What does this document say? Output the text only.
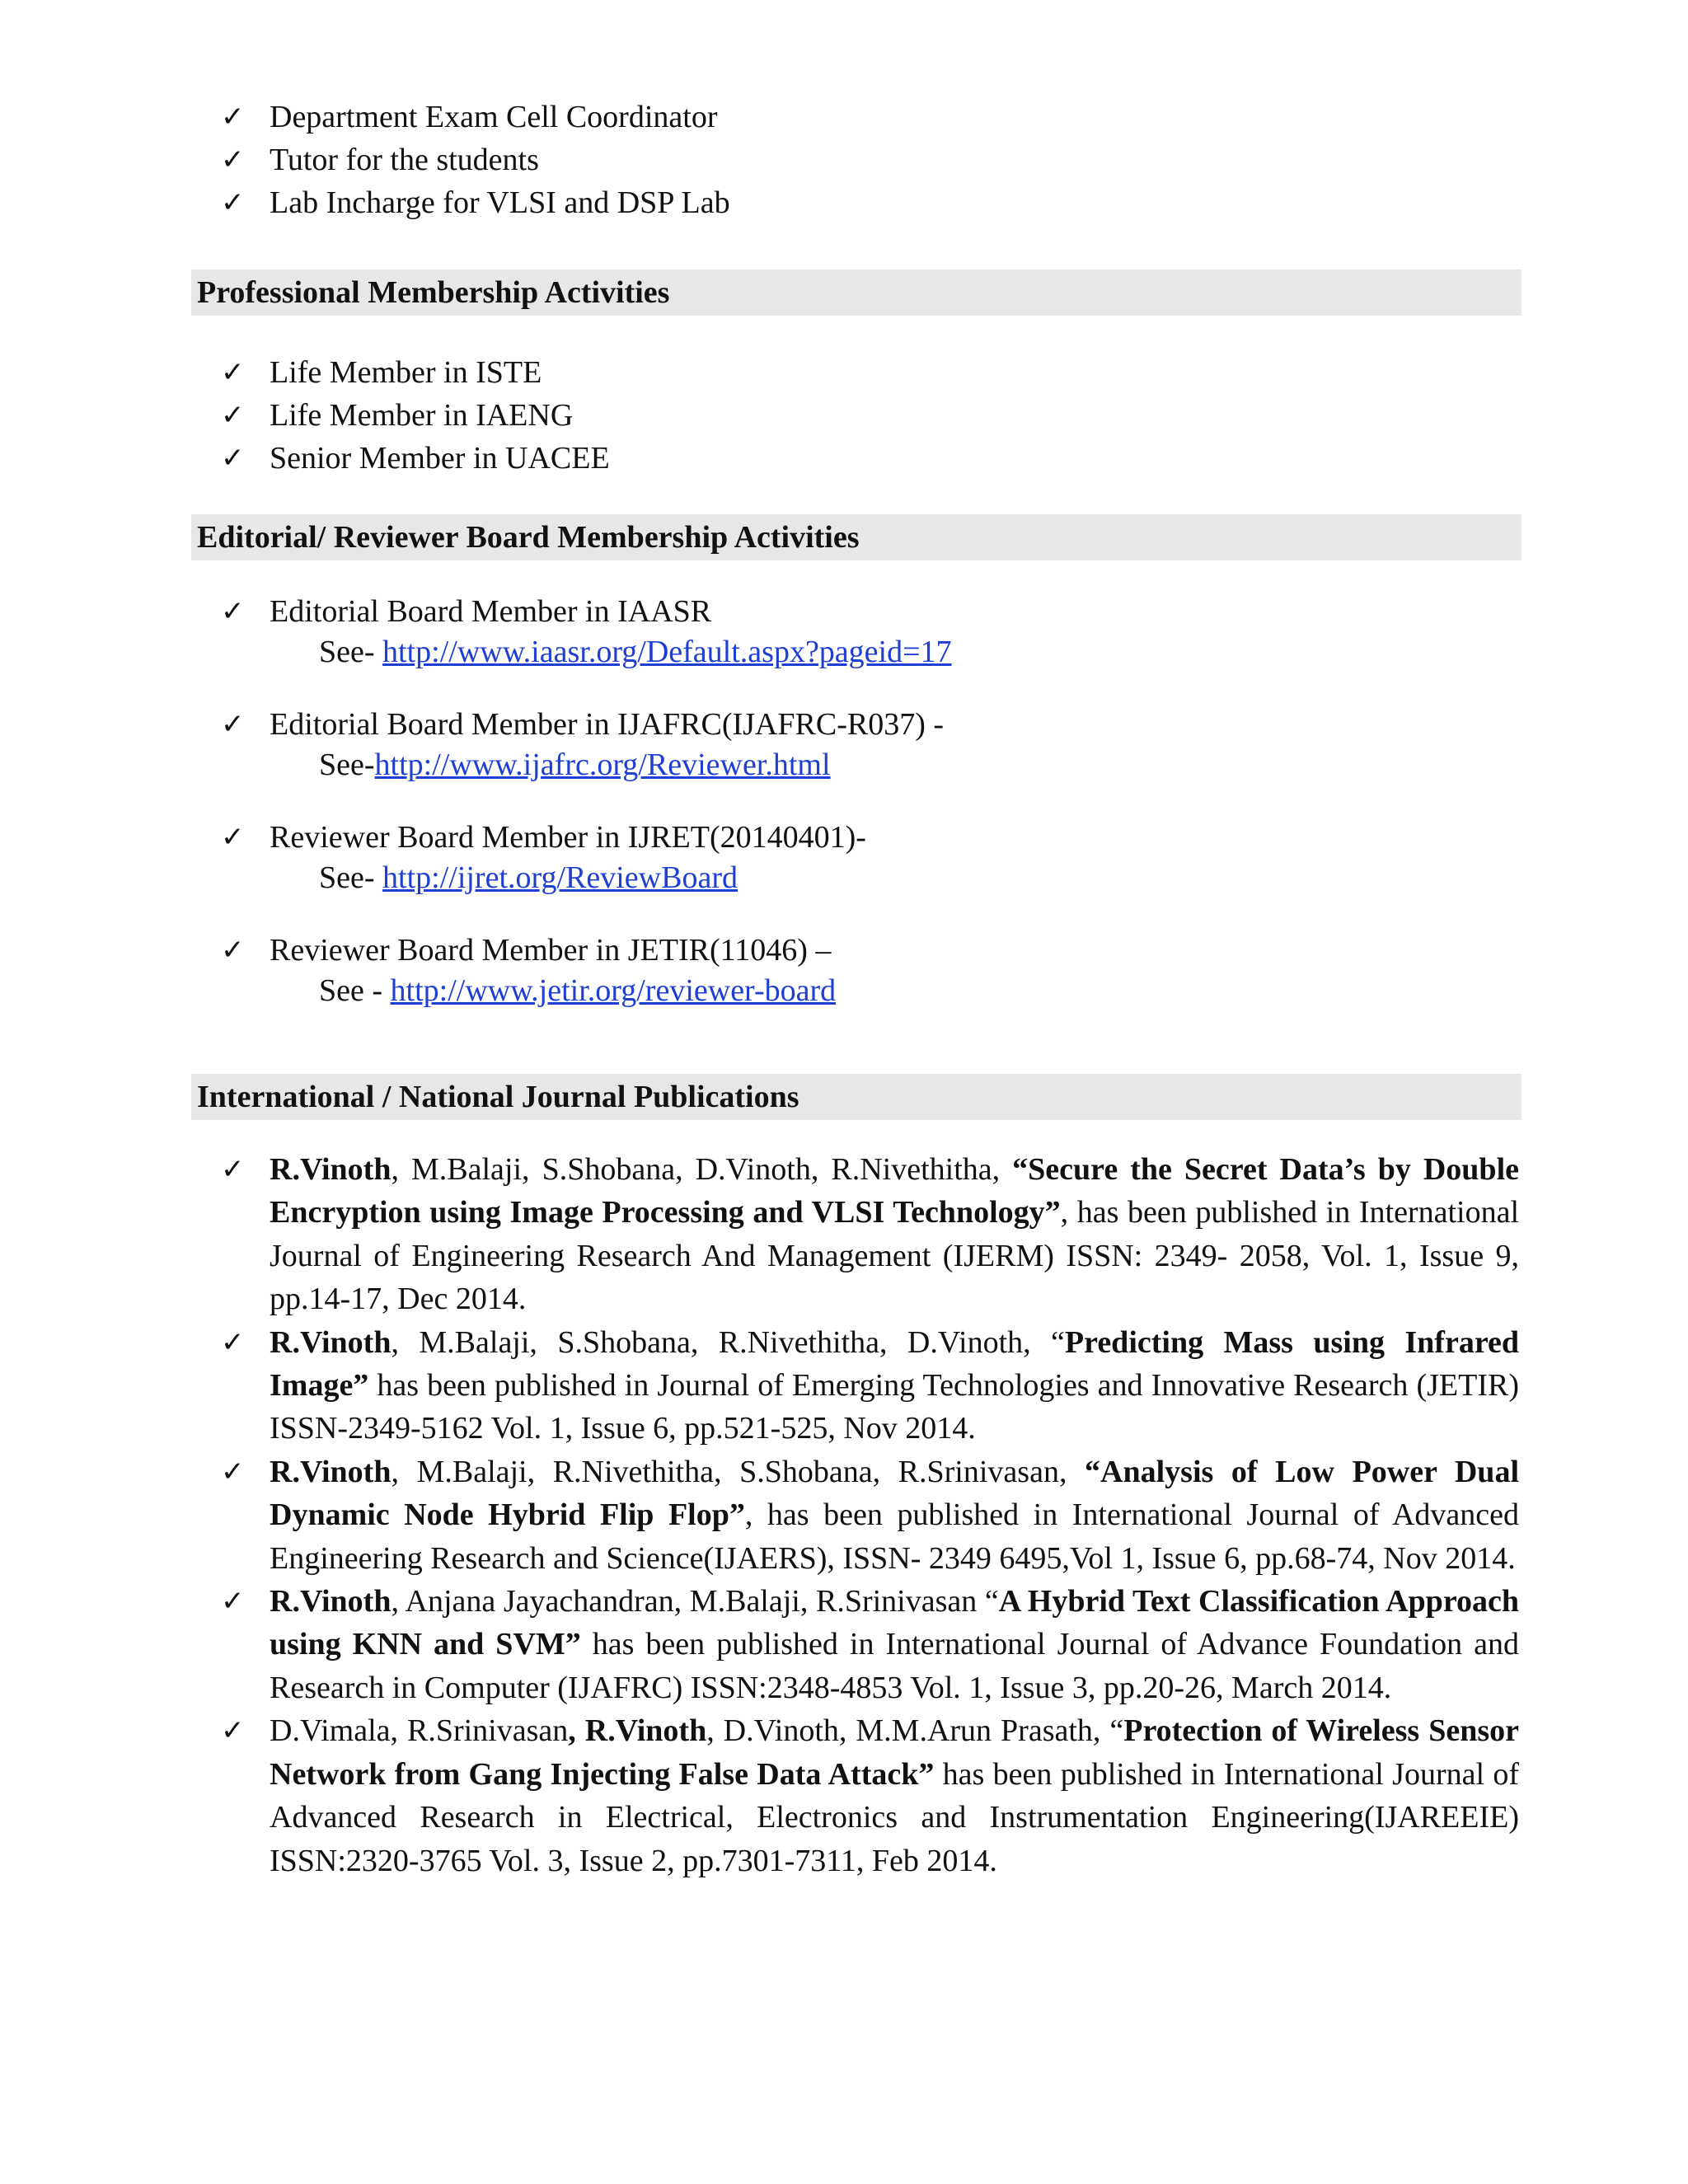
✓ Department Exam Cell Coordinator
✓ Tutor for the students
✓ Lab Incharge for VLSI and DSP Lab
Professional Membership Activities
✓ Life Member in ISTE
✓ Life Member in IAENG
✓ Senior Member in UACEE
Editorial/ Reviewer Board Membership Activities
✓ Editorial Board Member in IAASR
See- http://www.iaasr.org/Default.aspx?pageid=17
✓ Editorial Board Member in IJAFRC(IJAFRC-R037) -
See-http://www.ijafrc.org/Reviewer.html
✓ Reviewer Board Member in IJRET(20140401)-
See- http://ijret.org/ReviewBoard
✓ Reviewer Board Member in JETIR(11046) –
See - http://www.jetir.org/reviewer-board
International / National Journal Publications
✓ R.Vinoth, M.Balaji, S.Shobana, D.Vinoth, R.Nivethitha, “Secure the Secret Data’s by Double Encryption using Image Processing and VLSI Technology”, has been published in International Journal of Engineering Research And Management (IJERM) ISSN: 2349- 2058, Vol. 1, Issue 9, pp.14-17, Dec 2014.
✓ R.Vinoth, M.Balaji, S.Shobana, R.Nivethitha, D.Vinoth, “Predicting Mass using Infrared Image” has been published in Journal of Emerging Technologies and Innovative Research (JETIR) ISSN-2349-5162 Vol. 1, Issue 6, pp.521-525, Nov 2014.
✓ R.Vinoth, M.Balaji, R.Nivethitha, S.Shobana, R.Srinivasan, “Analysis of Low Power Dual Dynamic Node Hybrid Flip Flop”, has been published in International Journal of Advanced Engineering Research and Science(IJAERS), ISSN- 2349 6495,Vol 1, Issue 6, pp.68-74, Nov 2014.
✓ R.Vinoth, Anjana Jayachandran, M.Balaji, R.Srinivasan “A Hybrid Text Classification Approach using KNN and SVM” has been published in International Journal of Advance Foundation and Research in Computer (IJAFRC) ISSN:2348-4853 Vol. 1, Issue 3, pp.20-26, March 2014.
✓ D.Vimala, R.Srinivasan, R.Vinoth, D.Vinoth, M.M.Arun Prasath, “Protection of Wireless Sensor Network from Gang Injecting False Data Attack” has been published in International Journal of Advanced Research in Electrical, Electronics and Instrumentation Engineering(IJAREEIE) ISSN:2320-3765 Vol. 3, Issue 2, pp.7301-7311, Feb 2014.
